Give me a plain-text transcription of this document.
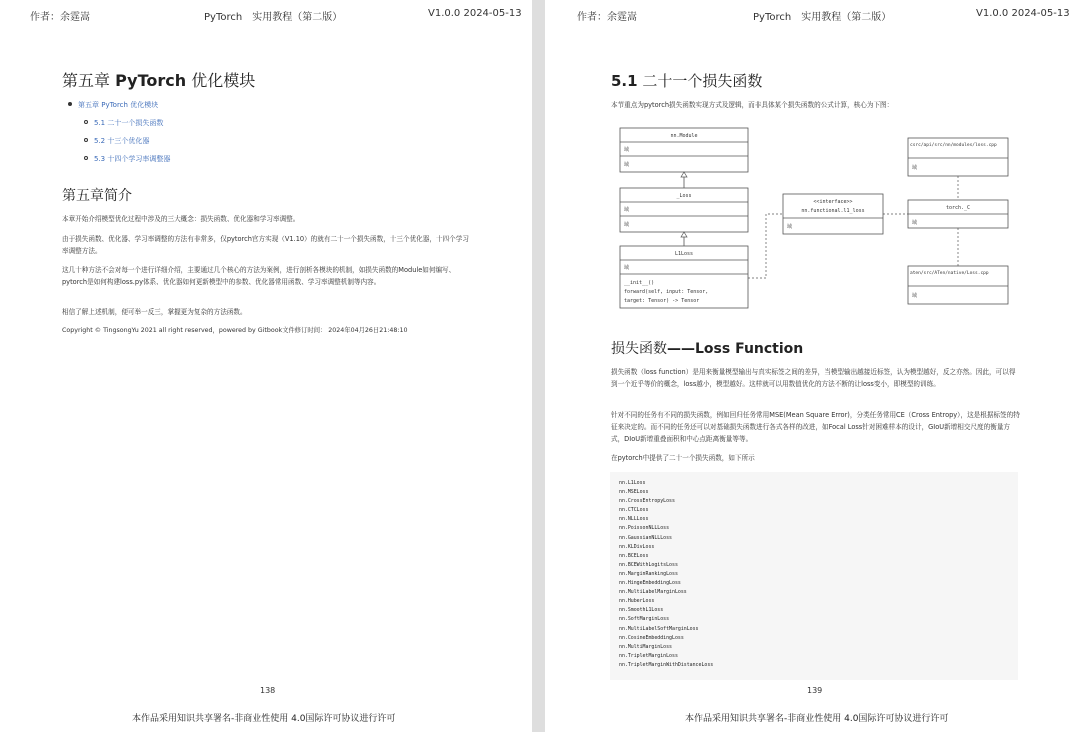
作者：余霆嵩	PyTorch　实用教程（第二版）	V1.0.0 2024-05-13
第五章 PyTorch 优化模块
第五章 PyTorch 优化模块
5.1 二十一个损失函数
5.2 十三个优化器
5.3 十四个学习率调整器
第五章简介

本章开始介绍模型优化过程中涉及的三大概念：损失函数、优化器和学习率调整。

由于损失函数、优化器、学习率调整的方法有非常多，仅pytorch官方实现（V1.10）的就有二十一个损失函数，十三个优化器，十四个学习率调整方法。

这几十种方法不会对每一个进行详细介绍，主要通过几个核心的方法为案例，进行剖析各模块的机制，如损失函数的Module如何编写、pytorch是如何构建loss.py体系、优化器如何更新模型中的参数、优化器常用函数、学习率调整机制等内容。

相信了解上述机制，便可举一反三，掌握更为复杂的方法函数。

Copyright © TingsongYu 2021 all right reserved，powered by Gitbook文件修订时间： 2024年04月26日21:48:10

138
本作品采用知识共享署名-非商业性使用 4.0国际许可协议进行许可
作者：余霆嵩	PyTorch　实用教程（第二版）	V1.0.0 2024-05-13
5.1 二十一个损失函数

本节重点为pytorch损失函数实现方式及逻辑，而非具体某个损失函数的公式计算，核心为下图：

损失函数——Loss Function

损失函数（loss function）是用来衡量模型输出与真实标签之间的差异，当模型输出越接近标签，认为模型越好，反之亦然。因此，可以得到一个近乎等价的概念，loss越小，模型越好。这样就可以用数值优化的方法不断的让loss变小，即模型的训练。

针对不同的任务有不同的损失函数，例如回归任务常用MSE(Mean Square Error)，分类任务常用CE（Cross Entropy），这是根据标签的特征来决定的。而不同的任务还可以对基础损失函数进行各式各样的改进，如Focal Loss针对困难样本的设计，GIoU新增相交尺度的衡量方式，DIoU新增重叠面积和中心点距离衡量等等。

在pytorch中提供了二十一个损失函数，如下所示

139
本作品采用知识共享署名-非商业性使用 4.0国际许可协议进行许可
nn.Module
域
域
_Loss
域
域
L1Loss
域
__init__()
forward(self, input: Tensor,
target: Tensor) -> Tensor
<<interface>>
nn.functional.l1_loss
域
torch._C
域
csrc/api/src/nn/modules/loss.cpp
域
aten/src/ATen/native/Loss.cpp
域
nn.L1Loss
nn.MSELoss
nn.CrossEntropyLoss
nn.CTCLoss
nn.NLLLoss
nn.PoissonNLLLoss
nn.GaussianNLLLoss
nn.KLDivLoss
nn.BCELoss
nn.BCEWithLogitsLoss
nn.MarginRankingLoss
nn.HingeEmbeddingLoss
nn.MultiLabelMarginLoss
nn.HuberLoss
nn.SmoothL1Loss
nn.SoftMarginLoss
nn.MultiLabelSoftMarginLoss
nn.CosineEmbeddingLoss
nn.MultiMarginLoss
nn.TripletMarginLoss
nn.TripletMarginWithDistanceLoss
